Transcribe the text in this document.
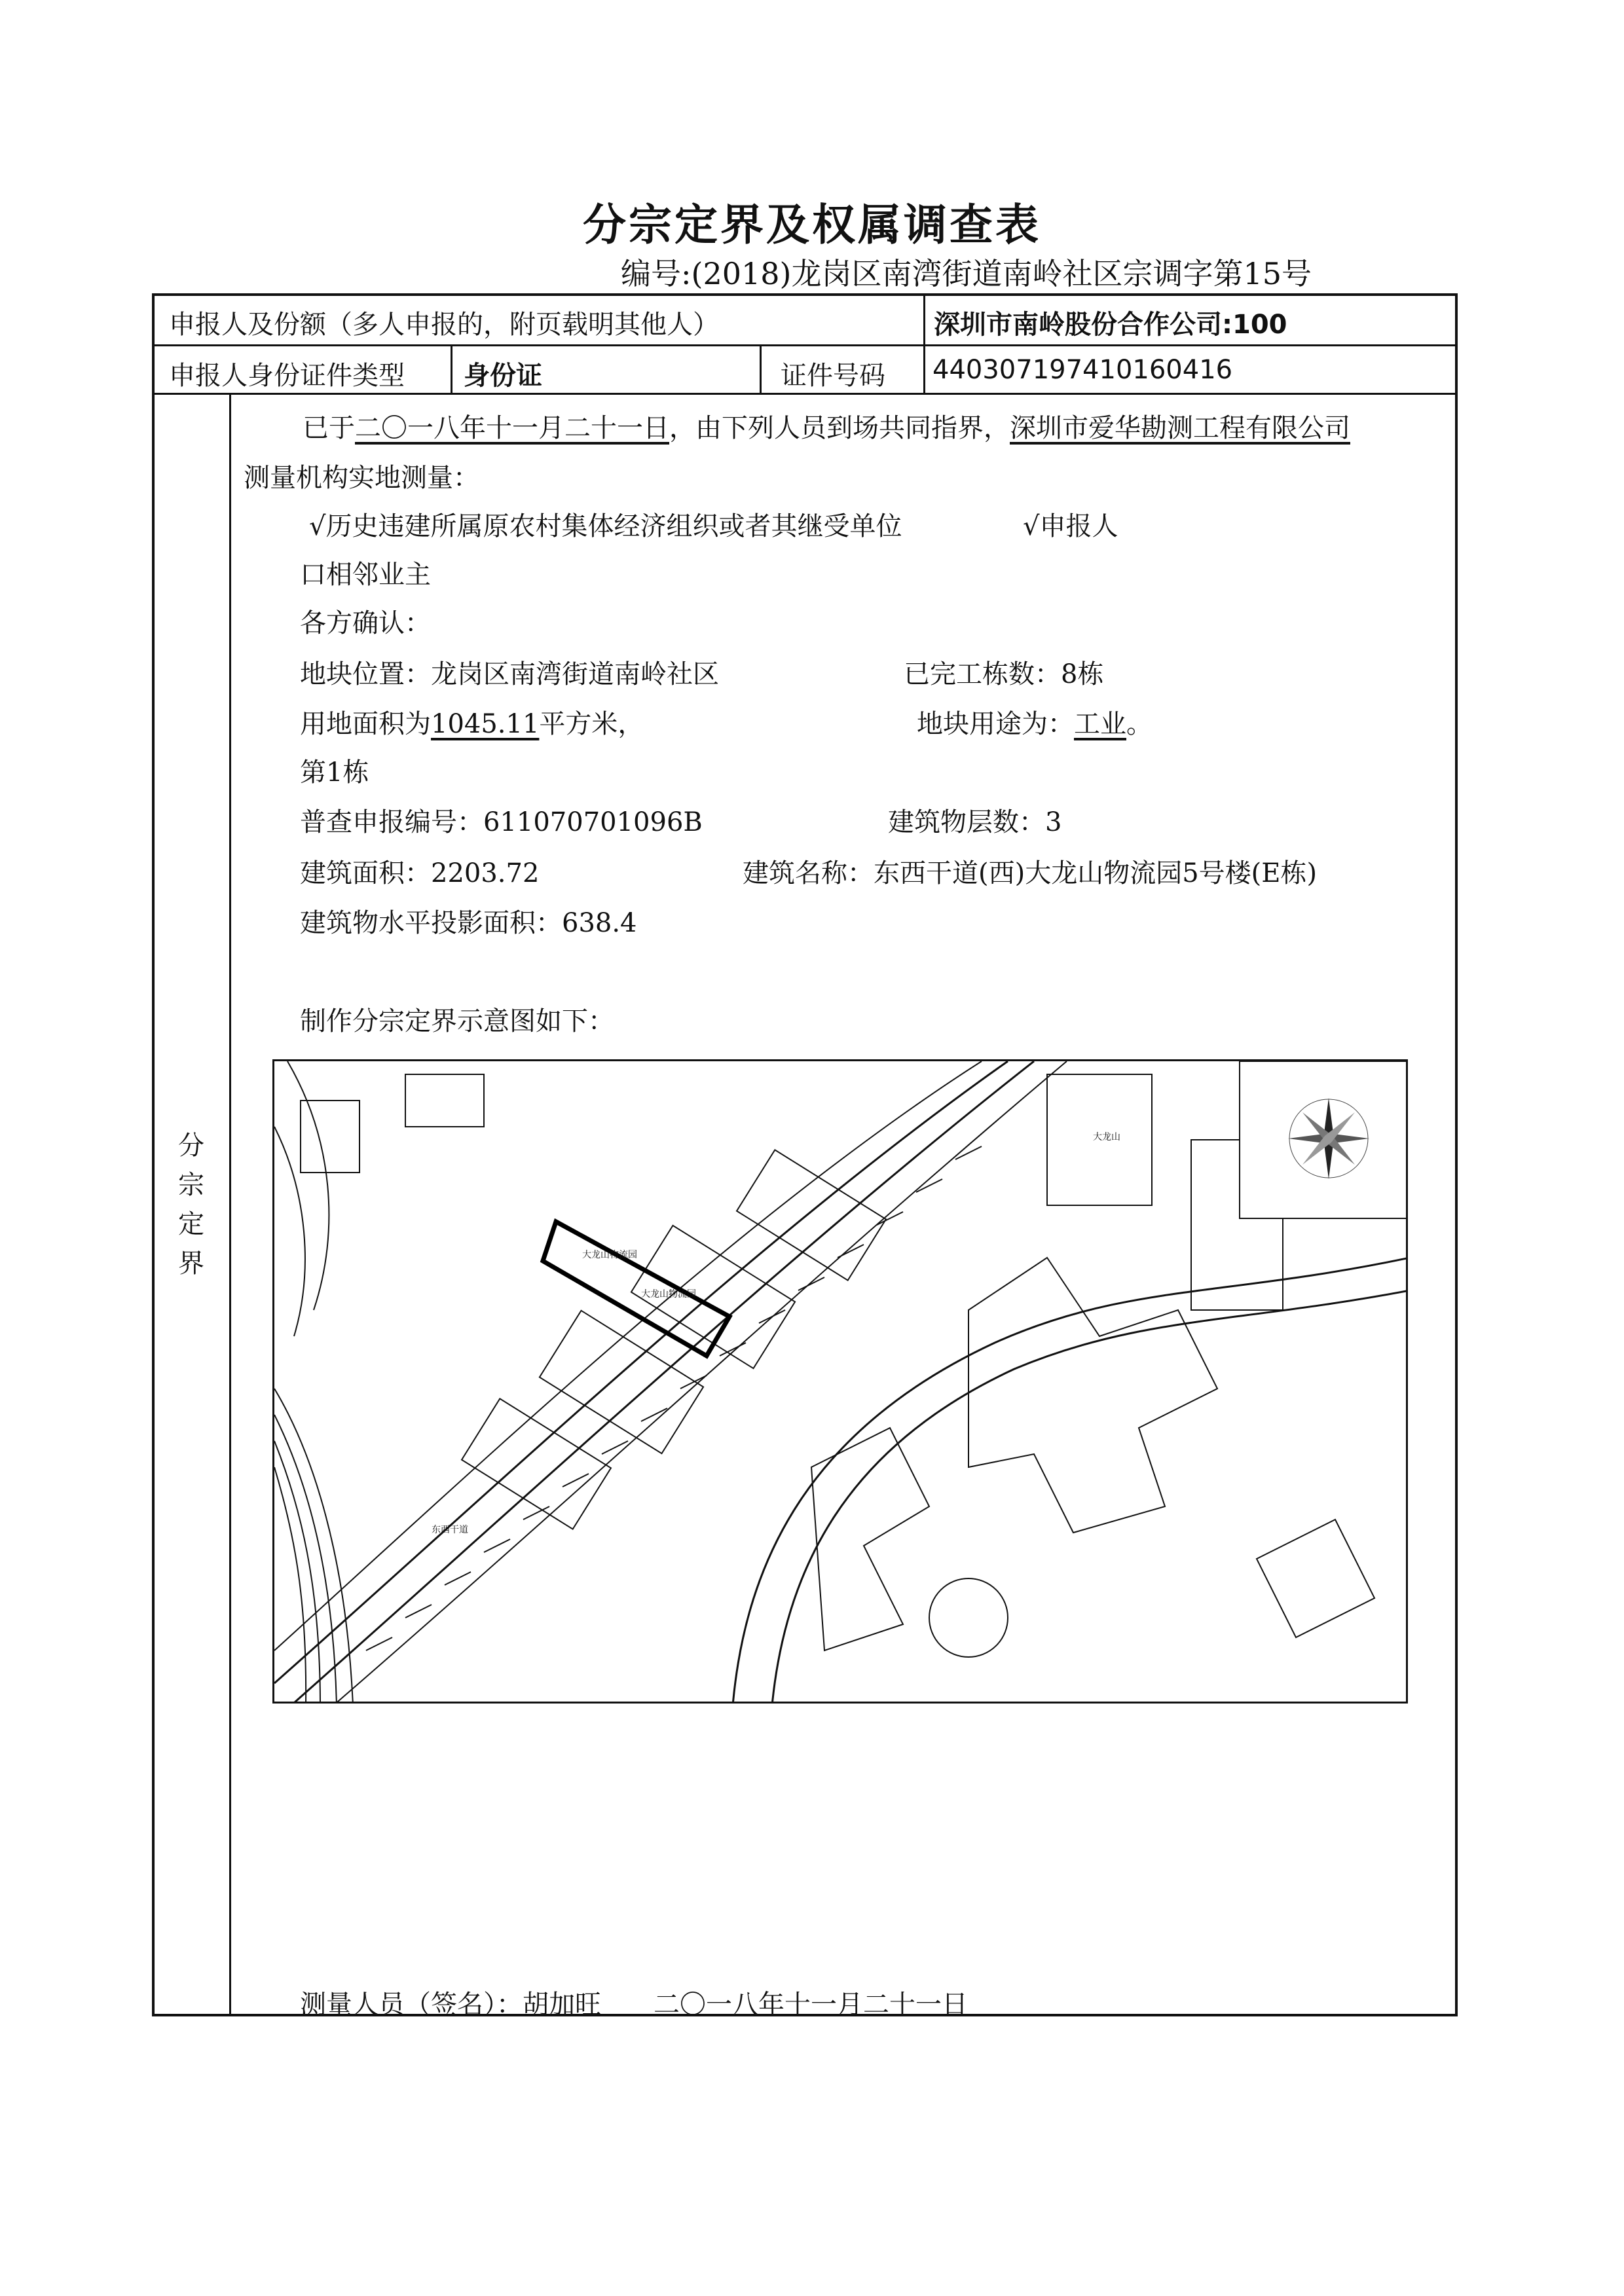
分宗定界及权属调查表
编号:(2018)龙岗区南湾街道南岭社区宗调字第15号
申报人及份额（多人申报的，附页载明其他人）	深圳市南岭股份合作公司:100
申报人身份证件类型 身份证	证件号码 440307197410160416
分宗定界
已于二〇一八年十一月二十一日，由下列人员到场共同指界，深圳市爱华勘测工程有限公司
测量机构实地测量：
√历史违建所属原农村集体经济组织或者其继受单位	√申报人
口相邻业主
各方确认：
地块位置：龙岗区南湾街道南岭社区	已完工栋数：8栋
用地面积为1045.11平方米，	地块用途为：工业。
第1栋
普查申报编号：611070701096B	建筑物层数：3
建筑面积：2203.72	建筑名称：东西干道(西)大龙山物流园5号楼(E栋)
建筑物水平投影面积：638.4
制作分宗定界示意图如下：
大龙山物流园
大龙山物流园
东西干道
大龙山
测量人员（签名）：胡加旺　　二〇一八年十一月二十一日
